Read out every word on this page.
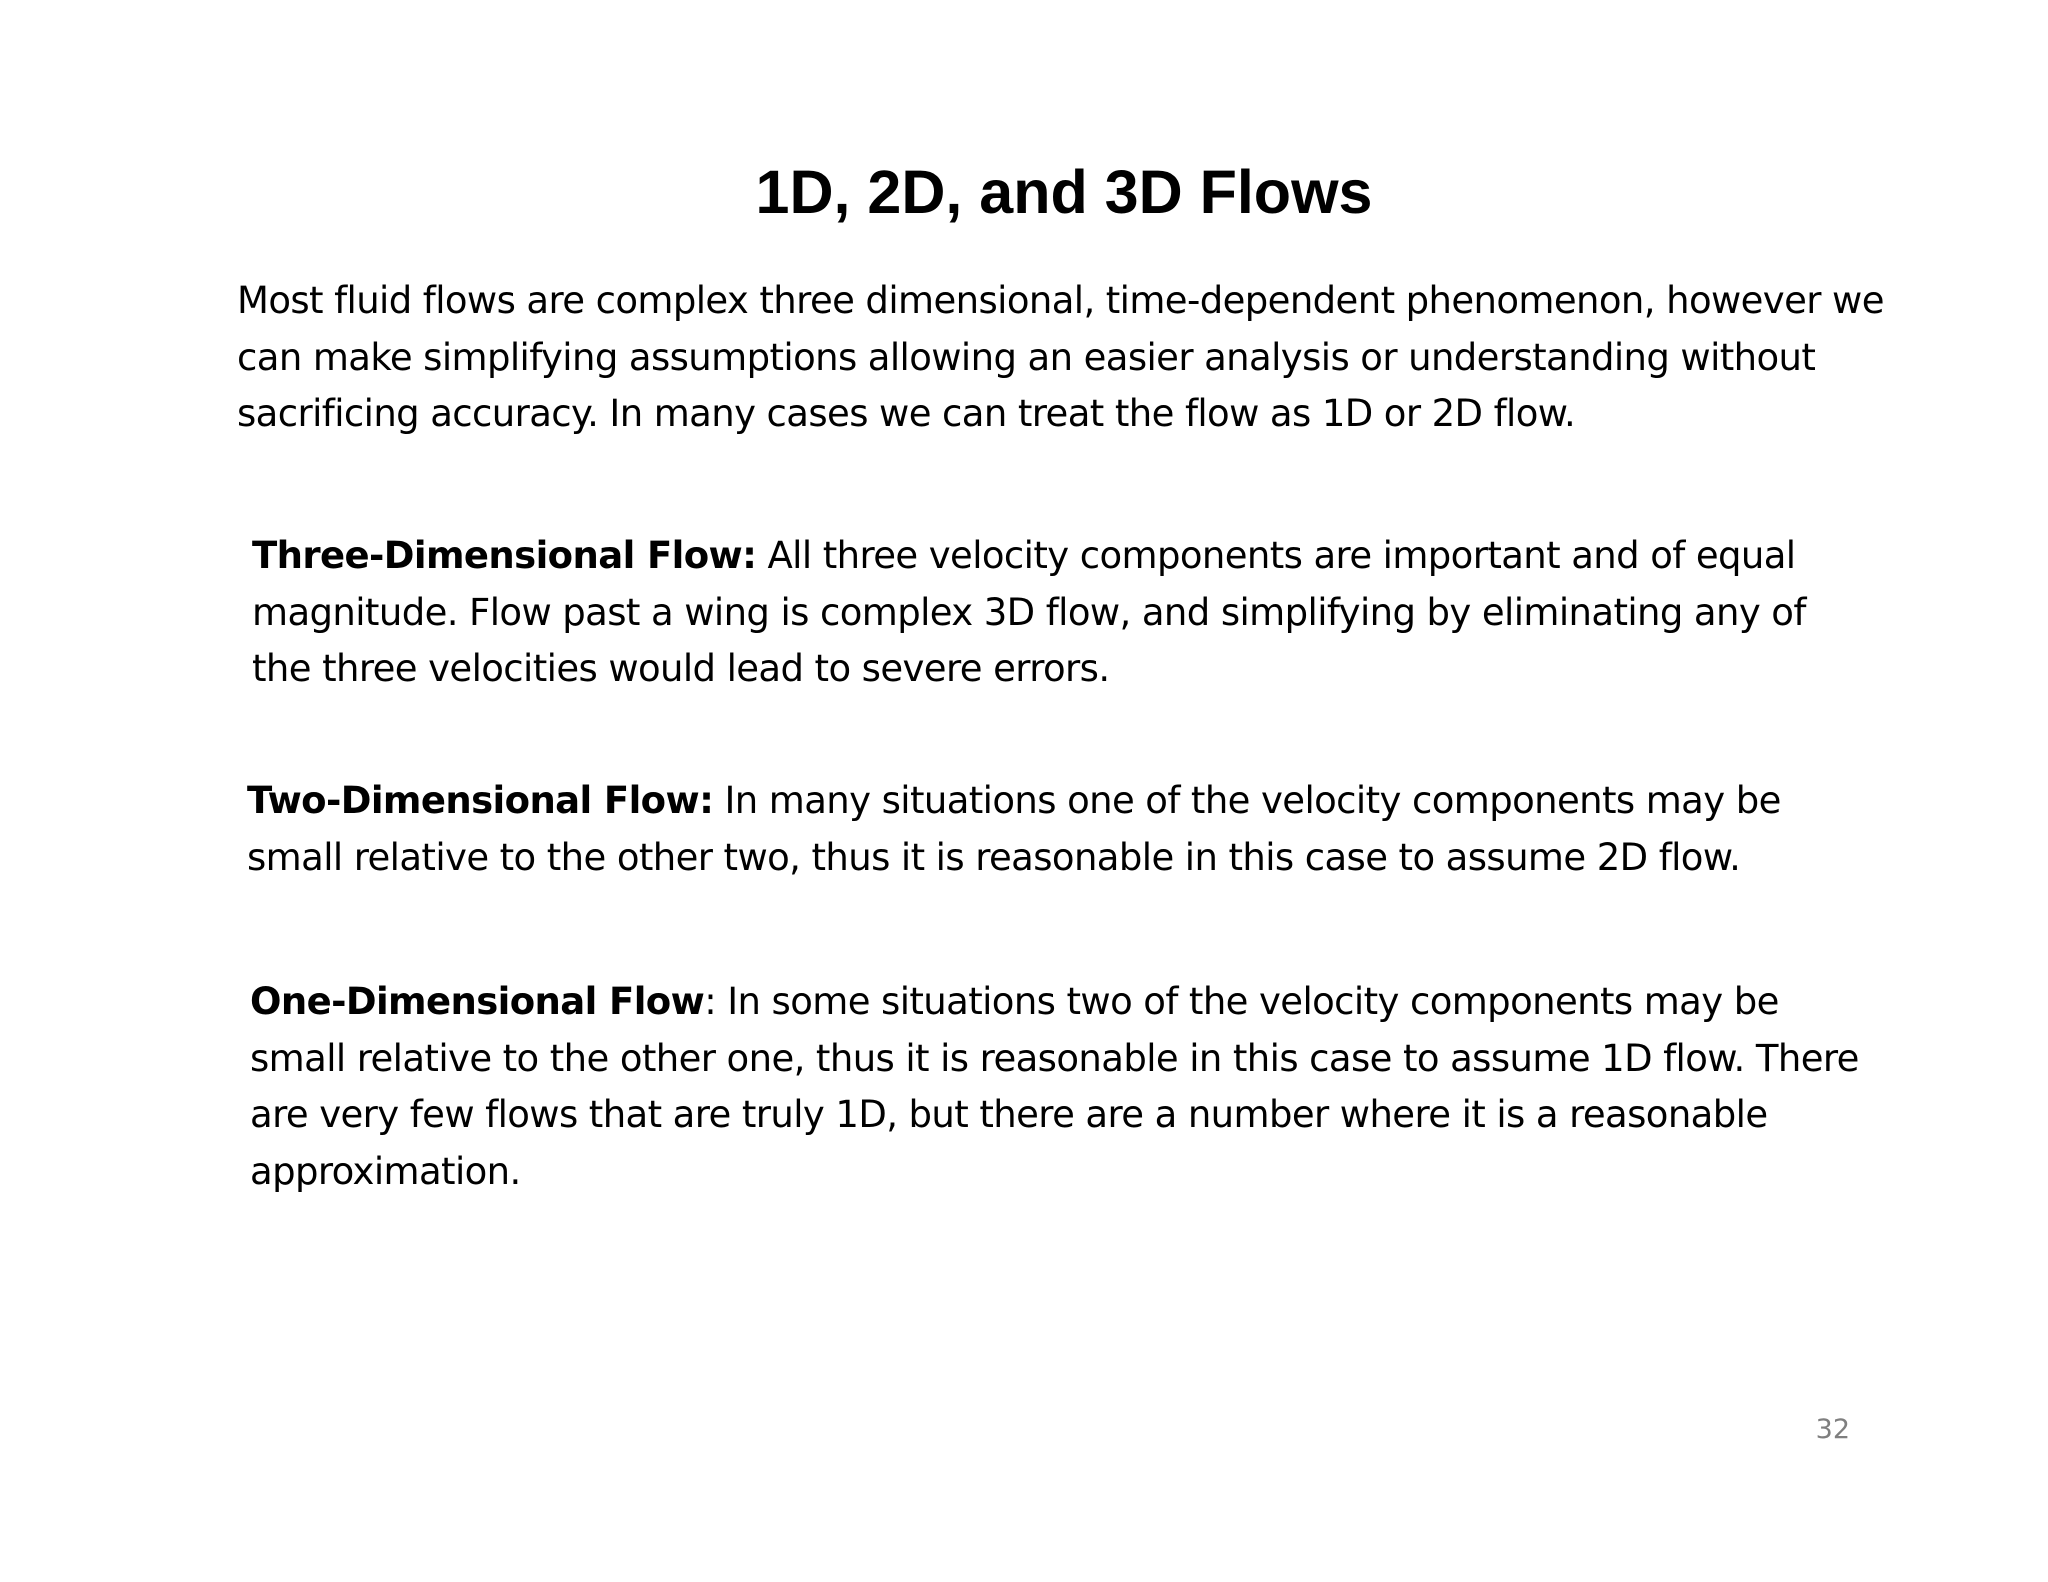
1D, 2D, and 3D Flows

Most fluid flows are complex three dimensional, time-dependent phenomenon, however we can make simplifying assumptions allowing an easier analysis or understanding without sacrificing accuracy. In many cases we can treat the flow as 1D or 2D flow.

Three-Dimensional Flow: All three velocity components are important and of equal magnitude. Flow past a wing is complex 3D flow, and simplifying by eliminating any of the three velocities would lead to severe errors.

Two-Dimensional Flow: In many situations one of the velocity components may be small relative to the other two, thus it is reasonable in this case to assume 2D flow.

One-Dimensional Flow: In some situations two of the velocity components may be small relative to the other one, thus it is reasonable in this case to assume 1D flow. There are very few flows that are truly 1D, but there are a number where it is a reasonable approximation.

32
